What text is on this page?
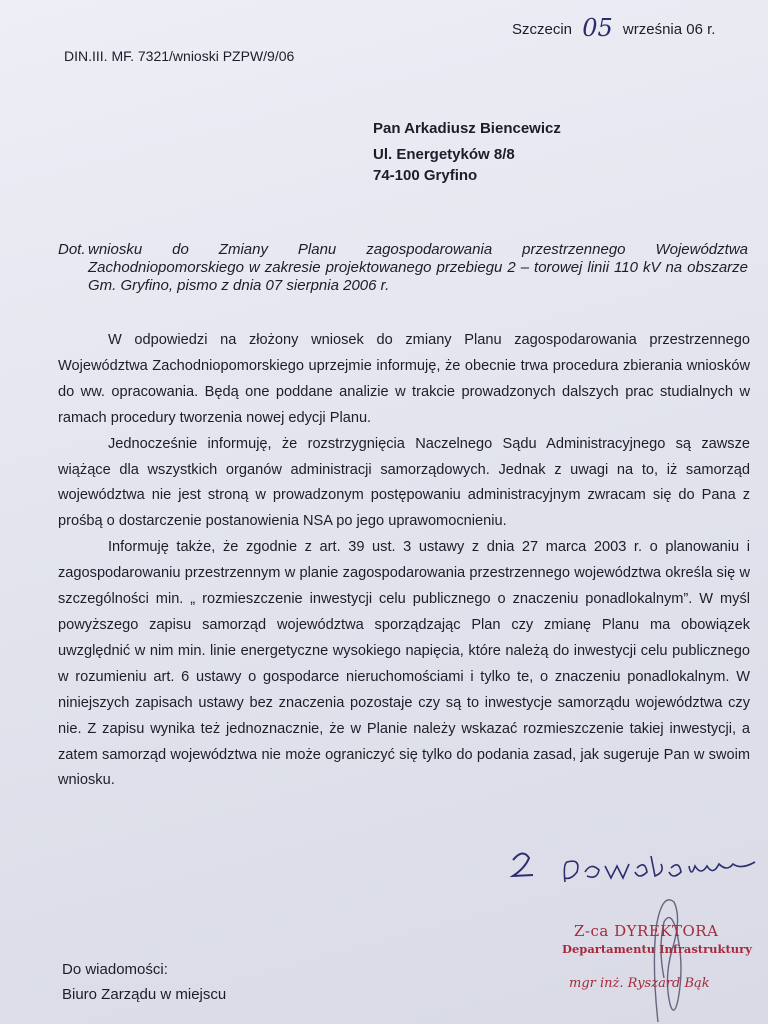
Szczecin 05 września 06 r.
DIN.III. MF. 7321/wnioski PZPW/9/06
Pan Arkadiusz Biencewicz
Ul. Energetyków 8/8
74-100 Gryfino
Dot. wniosku do Zmiany Planu zagospodarowania przestrzennego Województwa Zachodniopomorskiego w zakresie projektowanego przebiegu 2 – torowej linii 110 kV na obszarze Gm. Gryfino, pismo z dnia 07 sierpnia 2006 r.

W odpowiedzi na złożony wniosek do zmiany Planu zagospodarowania przestrzennego Województwa Zachodniopomorskiego uprzejmie informuję, że obecnie trwa procedura zbierania wniosków do ww. opracowania. Będą one poddane analizie w trakcie prowadzonych dalszych prac studialnych w ramach procedury tworzenia nowej edycji Planu.

Jednocześnie informuję, że rozstrzygnięcia Naczelnego Sądu Administracyjnego są zawsze wiążące dla wszystkich organów administracji samorządowych. Jednak z uwagi na to, iż samorząd województwa nie jest stroną w prowadzonym postępowaniu administracyjnym zwracam się do Pana z prośbą o dostarczenie postanowienia NSA po jego uprawomocnieniu.

Informuję także, że zgodnie z art. 39 ust. 3 ustawy z dnia 27 marca 2003 r. o planowaniu i zagospodarowaniu przestrzennym w planie zagospodarowania przestrzennego województwa określa się w szczególności min. „ rozmieszczenie inwestycji celu publicznego o znaczeniu ponadlokalnym”. W myśl powyższego zapisu samorząd województwa sporządzając Plan czy zmianę Planu ma obowiązek uwzględnić w nim min. linie energetyczne wysokiego napięcia, które należą do inwestycji celu publicznego w rozumieniu art. 6 ustawy o gospodarce nieruchomościami i tylko te, o znaczeniu ponadlokalnym. W niniejszych zapisach ustawy bez znaczenia pozostaje czy są to inwestycje samorządu województwa czy nie. Z zapisu wynika też jednoznacznie, że w Planie należy wskazać rozmieszczenie takiej inwestycji, a zatem samorząd województwa nie może ograniczyć się tylko do podania zasad, jak sugeruje Pan w swoim wniosku.

Z-ca DYREKTORA
Departamentu Infrastruktury
mgr inż. Ryszard Bąk
Do wiadomości:
Biuro Zarządu w miejscu
